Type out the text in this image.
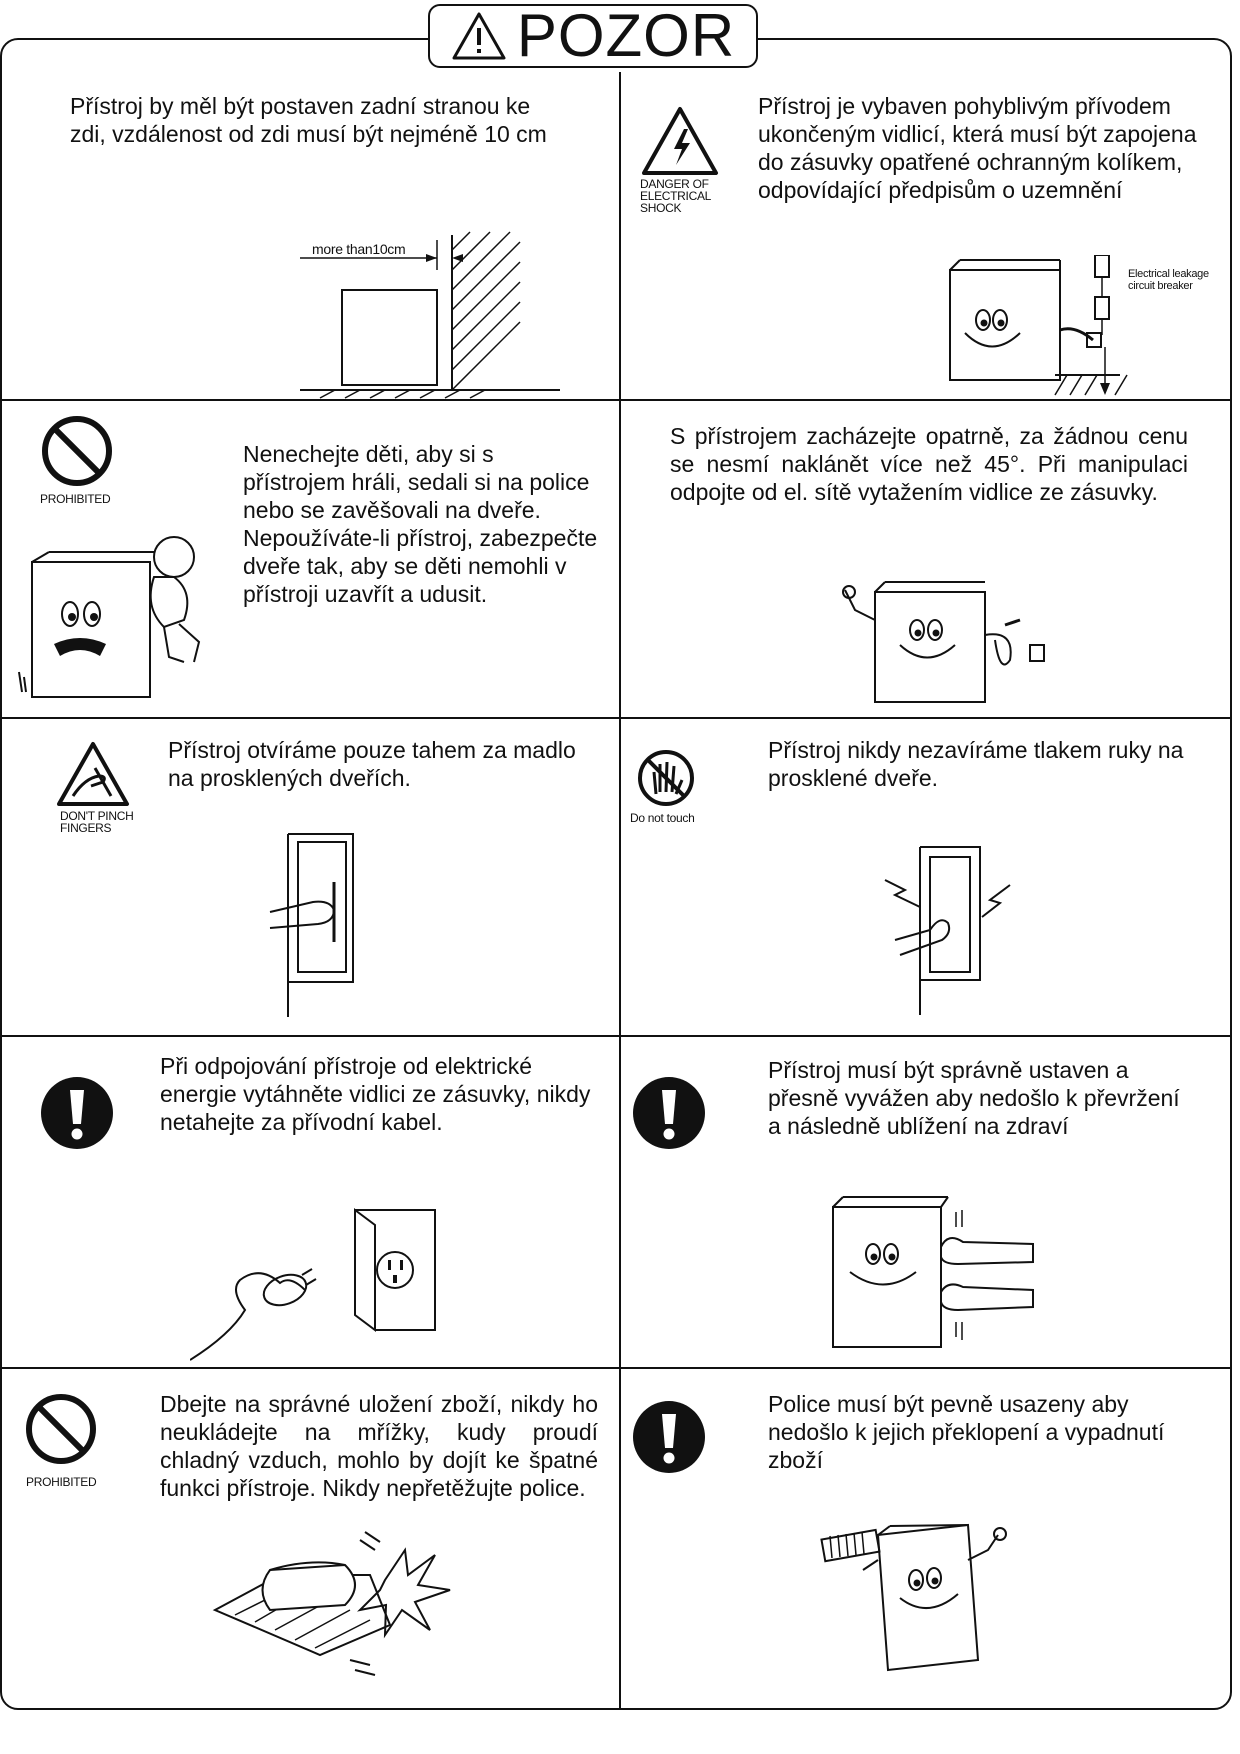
POZOR
Přístroj by měl být postaven zadní stranou ke zdi, vzdálenost od zdi musí být nejméně 10 cm
more than10cm
DANGER OF ELECTRICAL SHOCK
Přístroj je vybaven pohyblivým přívodem ukončeným vidlicí, která musí být zapojena do zásuvky opatřené ochranným kolíkem, odpovídající předpisům o uzemnění
Electrical leakage circuit breaker
PROHIBITED
Nenechejte děti, aby si s přístrojem hráli, sedali si na police nebo se zavěšovali na dveře. Nepoužíváte-li přístroj, zabezpečte dveře tak, aby se děti nemohli v přístroji uzavřít a udusit.
S přístrojem zacházejte opatrně, za žádnou cenu se nesmí naklánět více než 45°. Při manipulaci odpojte od el. sítě vytažením vidlice ze zásuvky.
DON'T PINCH FINGERS
Přístroj otvíráme pouze tahem za madlo na prosklených dveřích.
Do not touch
Přístroj nikdy nezavíráme tlakem ruky na prosklené dveře.
Při odpojování přístroje od elektrické energie vytáhněte vidlici ze zásuvky, nikdy netahejte za přívodní kabel.
Přístroj musí být správně ustaven a přesně vyvážen aby nedošlo k převržení a následně ublížení na zdraví
PROHIBITED
Dbejte na správné uložení zboží, nikdy ho neukládejte na mřížky, kudy proudí chladný vzduch, mohlo by dojít ke špatné funkci přístroje. Nikdy nepřetěžujte police.
Police musí být pevně usazeny aby nedošlo k jejich překlopení a vypadnutí zboží
